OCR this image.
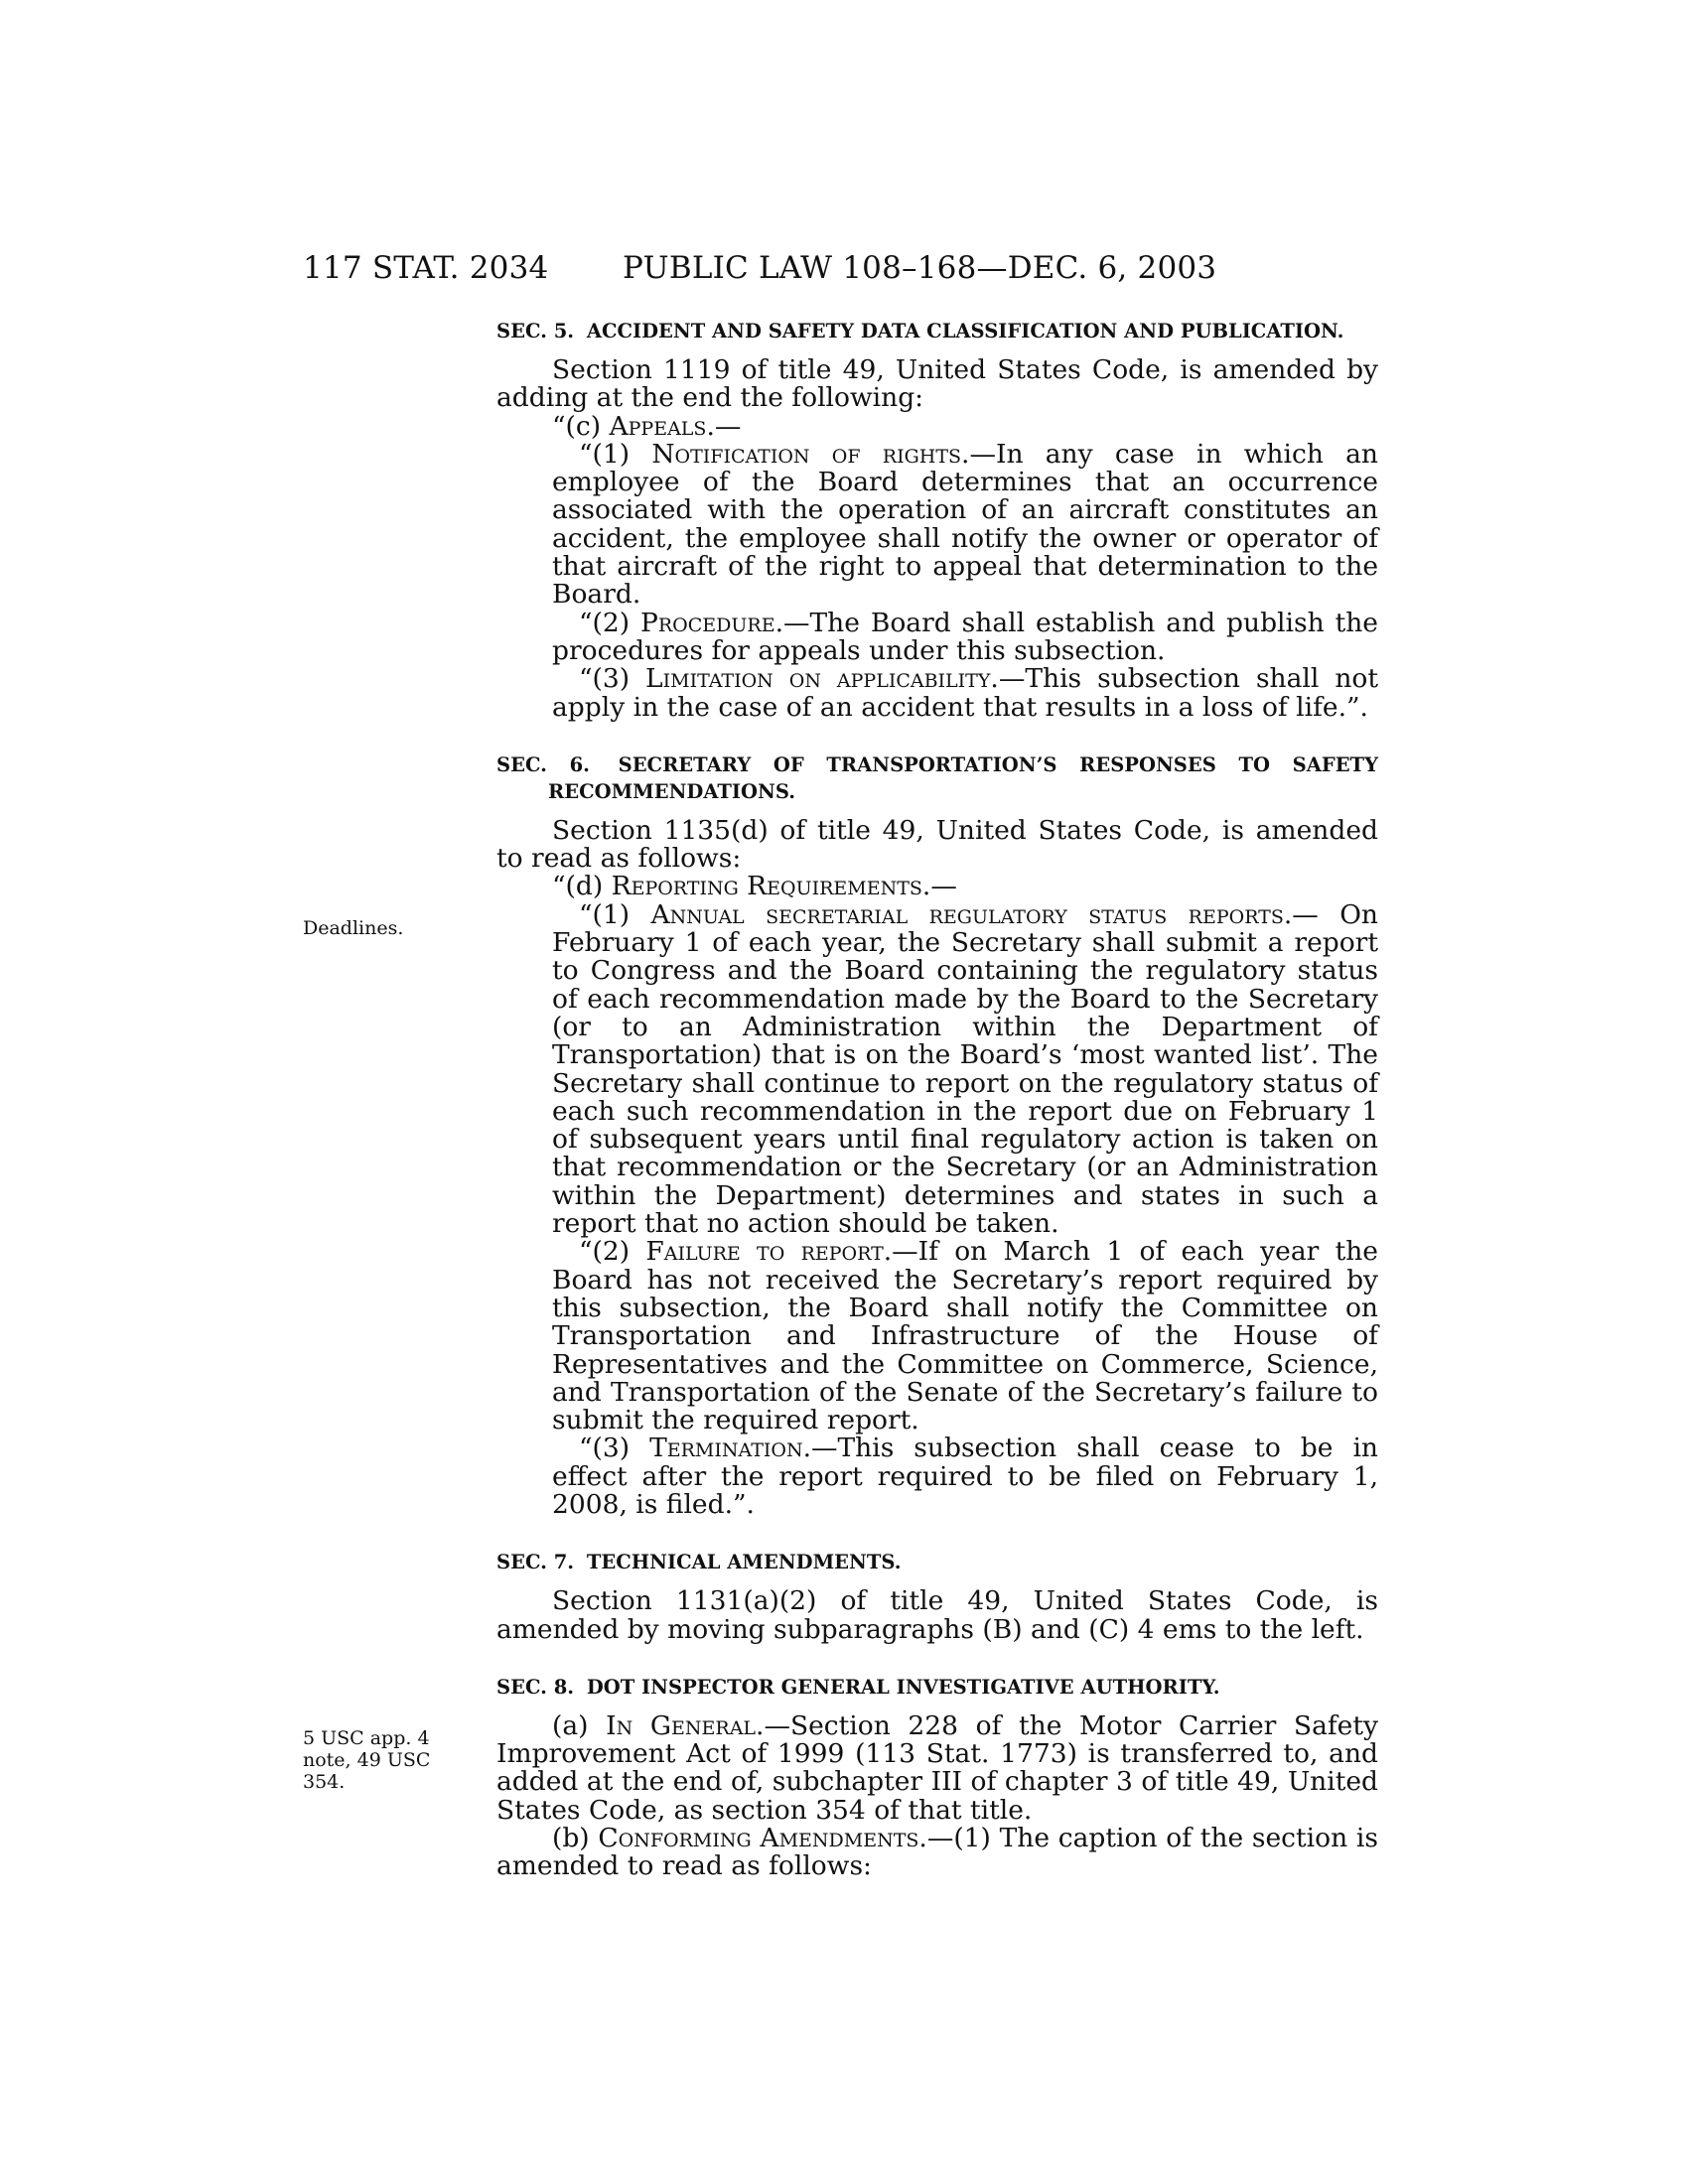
117 STAT. 2034 PUBLIC LAW 108–168—DEC. 6, 2003
Deadlines.
5 USC app. 4
note, 49 USC
354.
SEC. 5. ACCIDENT AND SAFETY DATA CLASSIFICATION AND PUBLICATION.

Section 1119 of title 49, United States Code, is amended by adding at the end the following:

“(c) Appeals.—

“(1) Notification of rights.—In any case in which an employee of the Board determines that an occurrence associated with the operation of an aircraft constitutes an accident, the employee shall notify the owner or operator of that aircraft of the right to appeal that determination to the Board.

“(2) Procedure.—The Board shall establish and publish the procedures for appeals under this subsection.

“(3) Limitation on applicability.—This subsection shall not apply in the case of an accident that results in a loss of life.”.

SEC. 6. SECRETARY OF TRANSPORTATION’S RESPONSES TO SAFETY RECOMMENDATIONS.

Section 1135(d) of title 49, United States Code, is amended to read as follows:

“(d) Reporting Requirements.—

“(1) Annual secretarial regulatory status reports.— On February 1 of each year, the Secretary shall submit a report to Congress and the Board containing the regulatory status of each recommendation made by the Board to the Secretary (or to an Administration within the Department of Transportation) that is on the Board’s ‘most wanted list’. The Secretary shall continue to report on the regulatory status of each such recommendation in the report due on February 1 of subsequent years until final regulatory action is taken on that recommendation or the Secretary (or an Administration within the Department) determines and states in such a report that no action should be taken.

“(2) Failure to report.—If on March 1 of each year the Board has not received the Secretary’s report required by this subsection, the Board shall notify the Committee on Transportation and Infrastructure of the House of Representatives and the Committee on Commerce, Science, and Transportation of the Senate of the Secretary’s failure to submit the required report.

“(3) Termination.—This subsection shall cease to be in effect after the report required to be filed on February 1, 2008, is filed.”.

SEC. 7. TECHNICAL AMENDMENTS.

Section 1131(a)(2) of title 49, United States Code, is amended by moving subparagraphs (B) and (C) 4 ems to the left.

SEC. 8. DOT INSPECTOR GENERAL INVESTIGATIVE AUTHORITY.

(a) In General.—Section 228 of the Motor Carrier Safety Improvement Act of 1999 (113 Stat. 1773) is transferred to, and added at the end of, subchapter III of chapter 3 of title 49, United States Code, as section 354 of that title.

(b) Conforming Amendments.—(1) The caption of the section is amended to read as follows:
